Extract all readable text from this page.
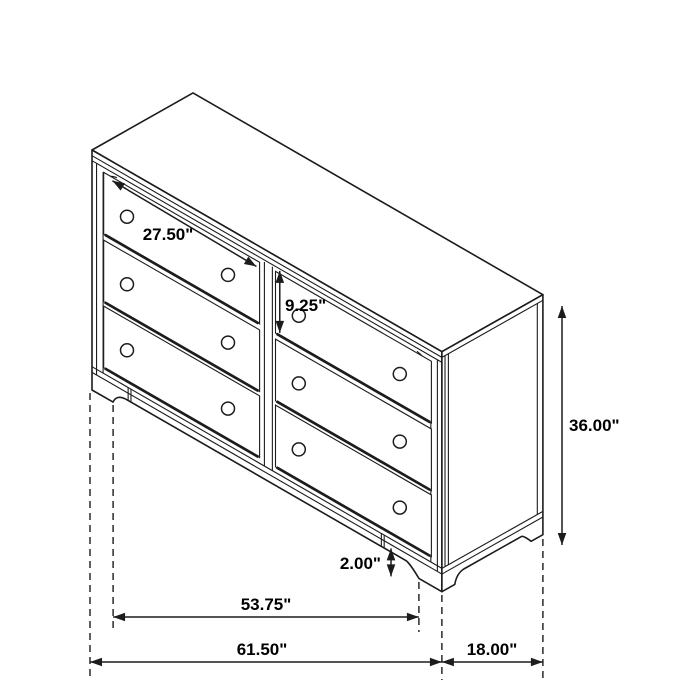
27.50"
9.25"
36.00"
2.00"
53.75"
61.50"	18.00"
